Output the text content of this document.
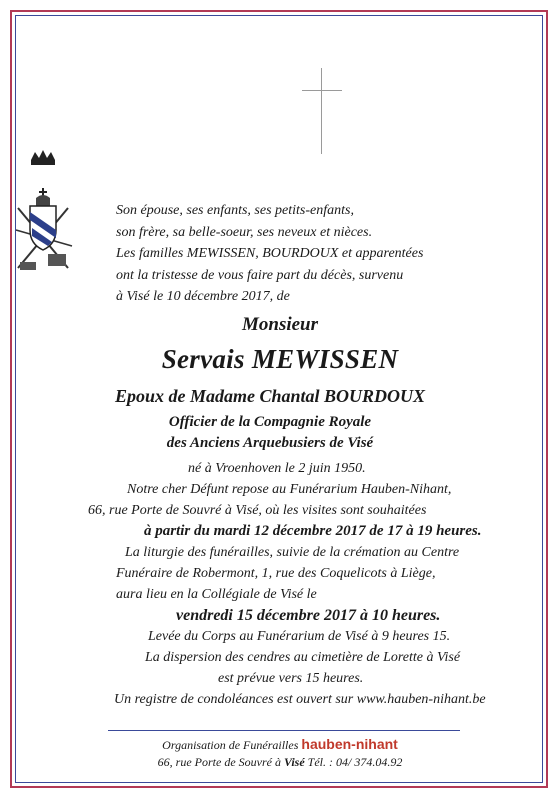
Son épouse, ses enfants, ses petits-enfants,

son frère, sa belle-soeur, ses neveux et nièces.

Les familles MEWISSEN, BOURDOUX et apparentées

ont la tristesse de vous faire part du décès, survenu

à Visé le 10 décembre 2017, de

Monsieur
Servais MEWISSEN
Epoux de Madame Chantal BOURDOUX
Officier de la Compagnie Royale
des Anciens Arquebusiers de Visé
né à Vroenhoven le 2 juin 1950.
Notre cher Défunt repose au Funérarium Hauben-Nihant,
66, rue Porte de Souvré à Visé, où les visites sont souhaitées
à partir du mardi 12 décembre 2017 de 17 à 19 heures.
La liturgie des funérailles, suivie de la crémation au Centre
Funéraire de Robermont, 1, rue des Coquelicots à Liège,
aura lieu en la Collégiale de Visé le
vendredi 15 décembre 2017 à 10 heures.
Levée du Corps au Funérarium de Visé à 9 heures 15.
La dispersion des cendres au cimetière de Lorette à Visé
est prévue vers 15 heures.
Un registre de condoléances est ouvert sur www.hauben-nihant.be
Organisation de Funérailles hauben-nihant
66, rue Porte de Souvré à Visé Tél. : 04/ 374.04.92
